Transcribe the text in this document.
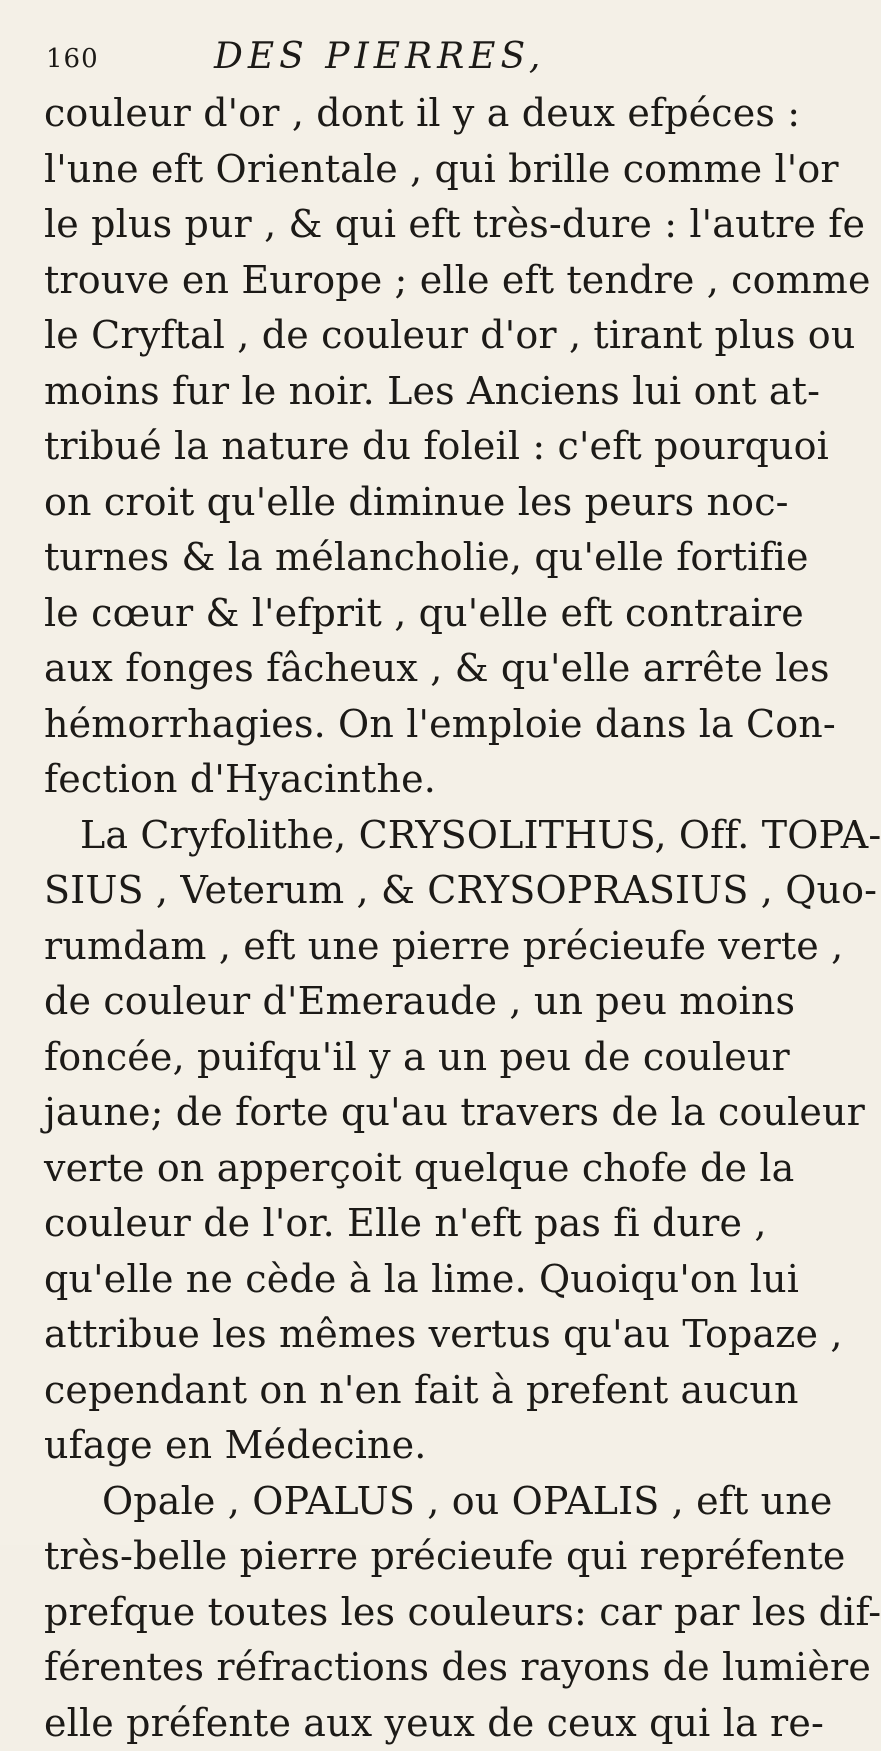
160	DES PIERRES,
couleur d'or , dont il y a deux efpéces :
l'une eft Orientale , qui brille comme l'or
le plus pur , & qui eft très-dure : l'autre fe
trouve en Europe ; elle eft tendre , comme
le Cryftal , de couleur d'or , tirant plus ou
moins fur le noir. Les Anciens lui ont at-
tribué la nature du foleil : c'eft pourquoi
on croit qu'elle diminue les peurs noc-
turnes & la mélancholie, qu'elle fortifie
le cœur & l'efprit , qu'elle eft contraire
aux fonges fâcheux , & qu'elle arrête les
hémorrhagies. On l'emploie dans la Con-
fection d'Hyacinthe.
La Cryfolithe, CRYSOLITHUS, Off. TOPA-
SIUS , Veterum , & CRYSOPRASIUS , Quo-
rumdam , eft une pierre précieufe verte ,
de couleur d'Emeraude , un peu moins
foncée, puifqu'il y a un peu de couleur
jaune; de forte qu'au travers de la couleur
verte on apperçoit quelque chofe de la
couleur de l'or. Elle n'eft pas fi dure ,
qu'elle ne cède à la lime. Quoiqu'on lui
attribue les mêmes vertus qu'au Topaze ,
cependant on n'en fait à prefent aucun
ufage en Médecine.
Opale , OPALUS , ou OPALIS , eft une
très-belle pierre précieufe qui repréfente
prefque toutes les couleurs: car par les dif-
férentes réfractions des rayons de lumière
elle préfente aux yeux de ceux qui la re-
